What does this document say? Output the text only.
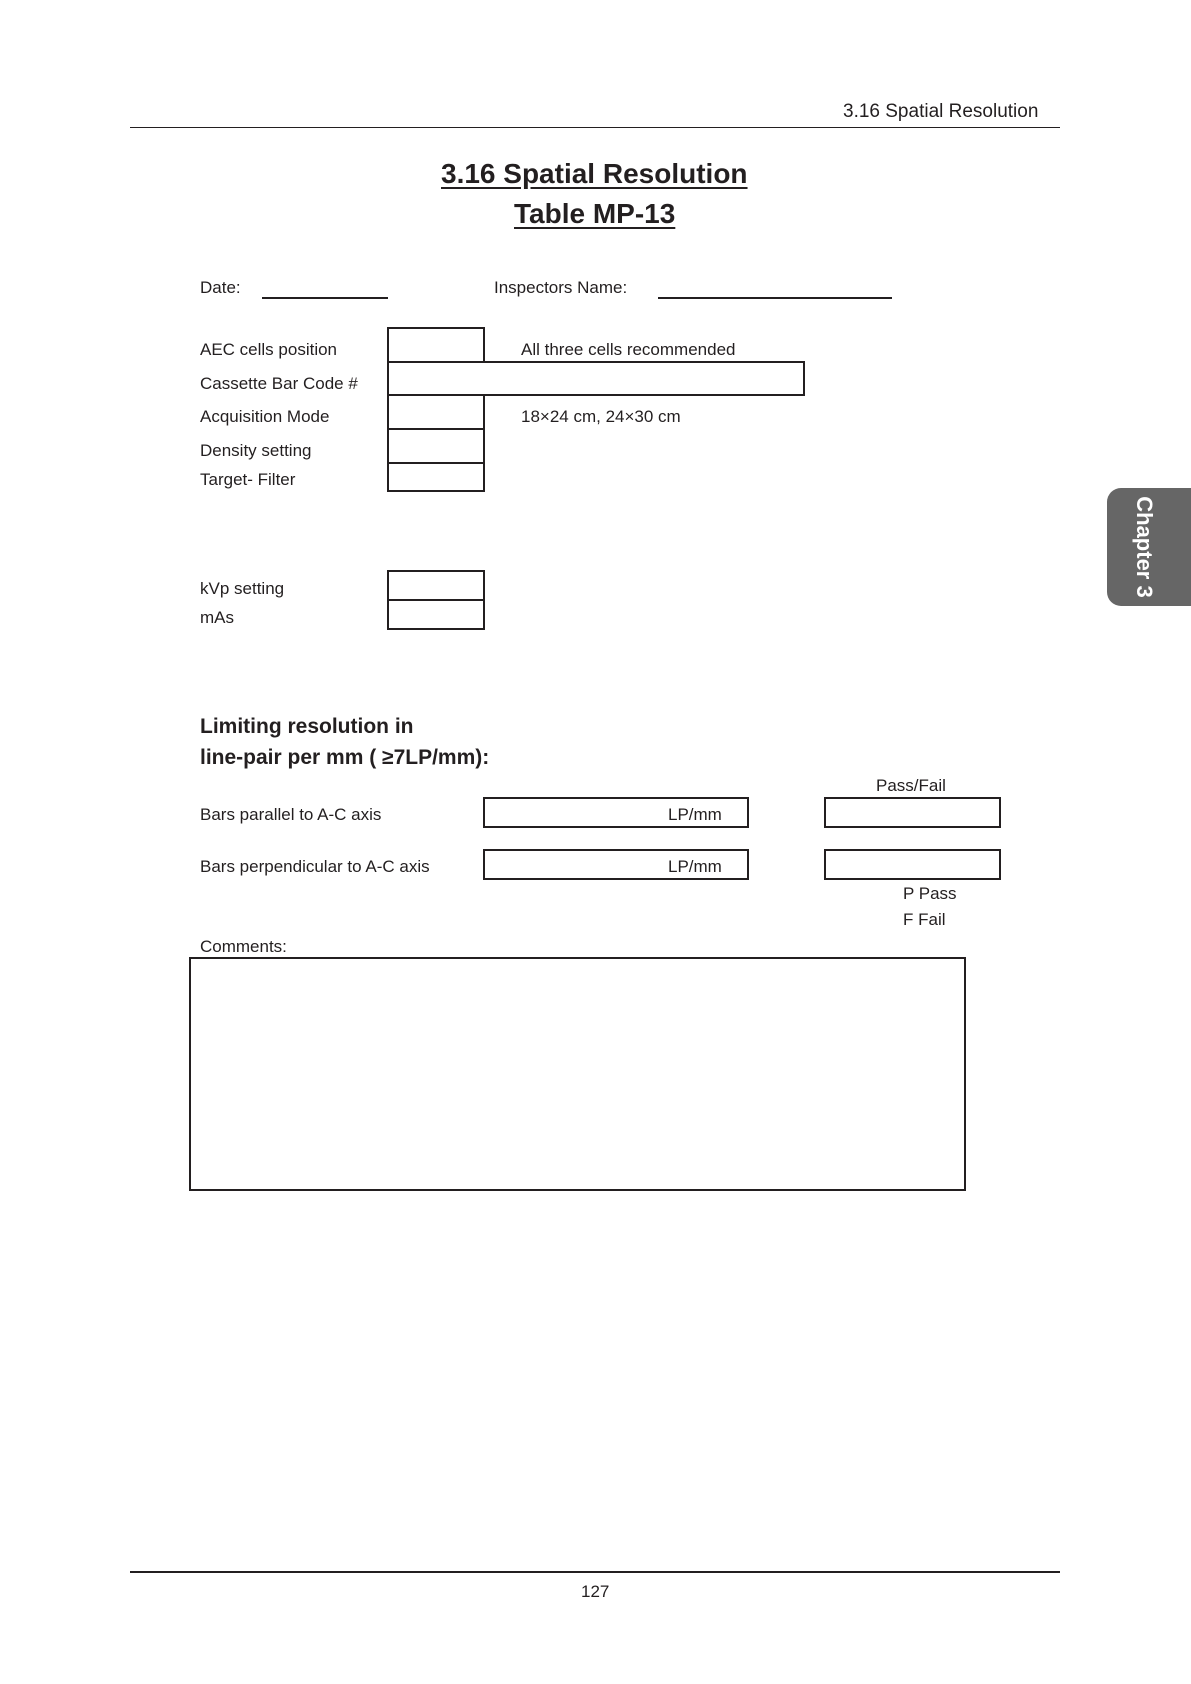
3.16 Spatial Resolution
3.16 Spatial Resolution
Table MP-13
Date:	Inspectors Name:
AEC cells position	All three cells recommended
Cassette Bar Code #
Acquisition Mode	18×24 cm, 24×30 cm
Density setting
Target- Filter
kVp setting
mAs
Limiting resolution in
line-pair per mm ( ≥7LP/mm):
Pass/Fail
Bars parallel to A-C axis	LP/mm
Bars perpendicular to A-C axis	LP/mm
P Pass
F Fail
Comments:
Chapter 3
127
